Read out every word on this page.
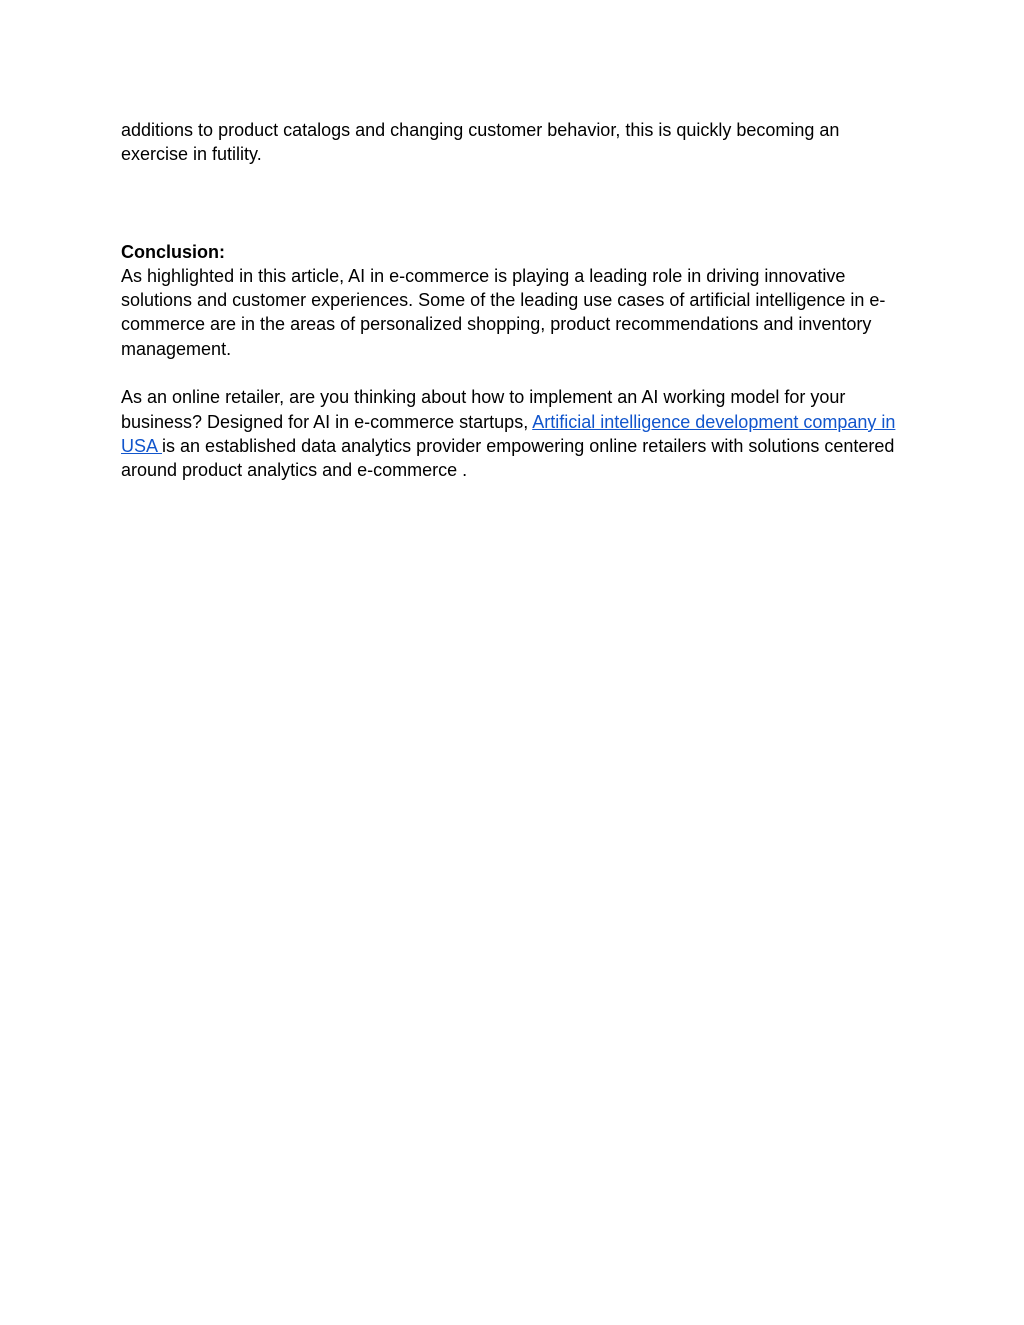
additions to product catalogs and changing customer behavior, this is quickly becoming an exercise in futility.

Conclusion:

As highlighted in this article, AI in e-commerce is playing a leading role in driving innovative solutions and customer experiences. Some of the leading use cases of artificial intelligence in e-commerce are in the areas of personalized shopping, product recommendations and inventory management.

As an online retailer, are you thinking about how to implement an AI working model for your business? Designed for AI in e-commerce startups, Artificial intelligence development company in USA is an established data analytics provider empowering online retailers with solutions centered around product analytics and e-commerce .
